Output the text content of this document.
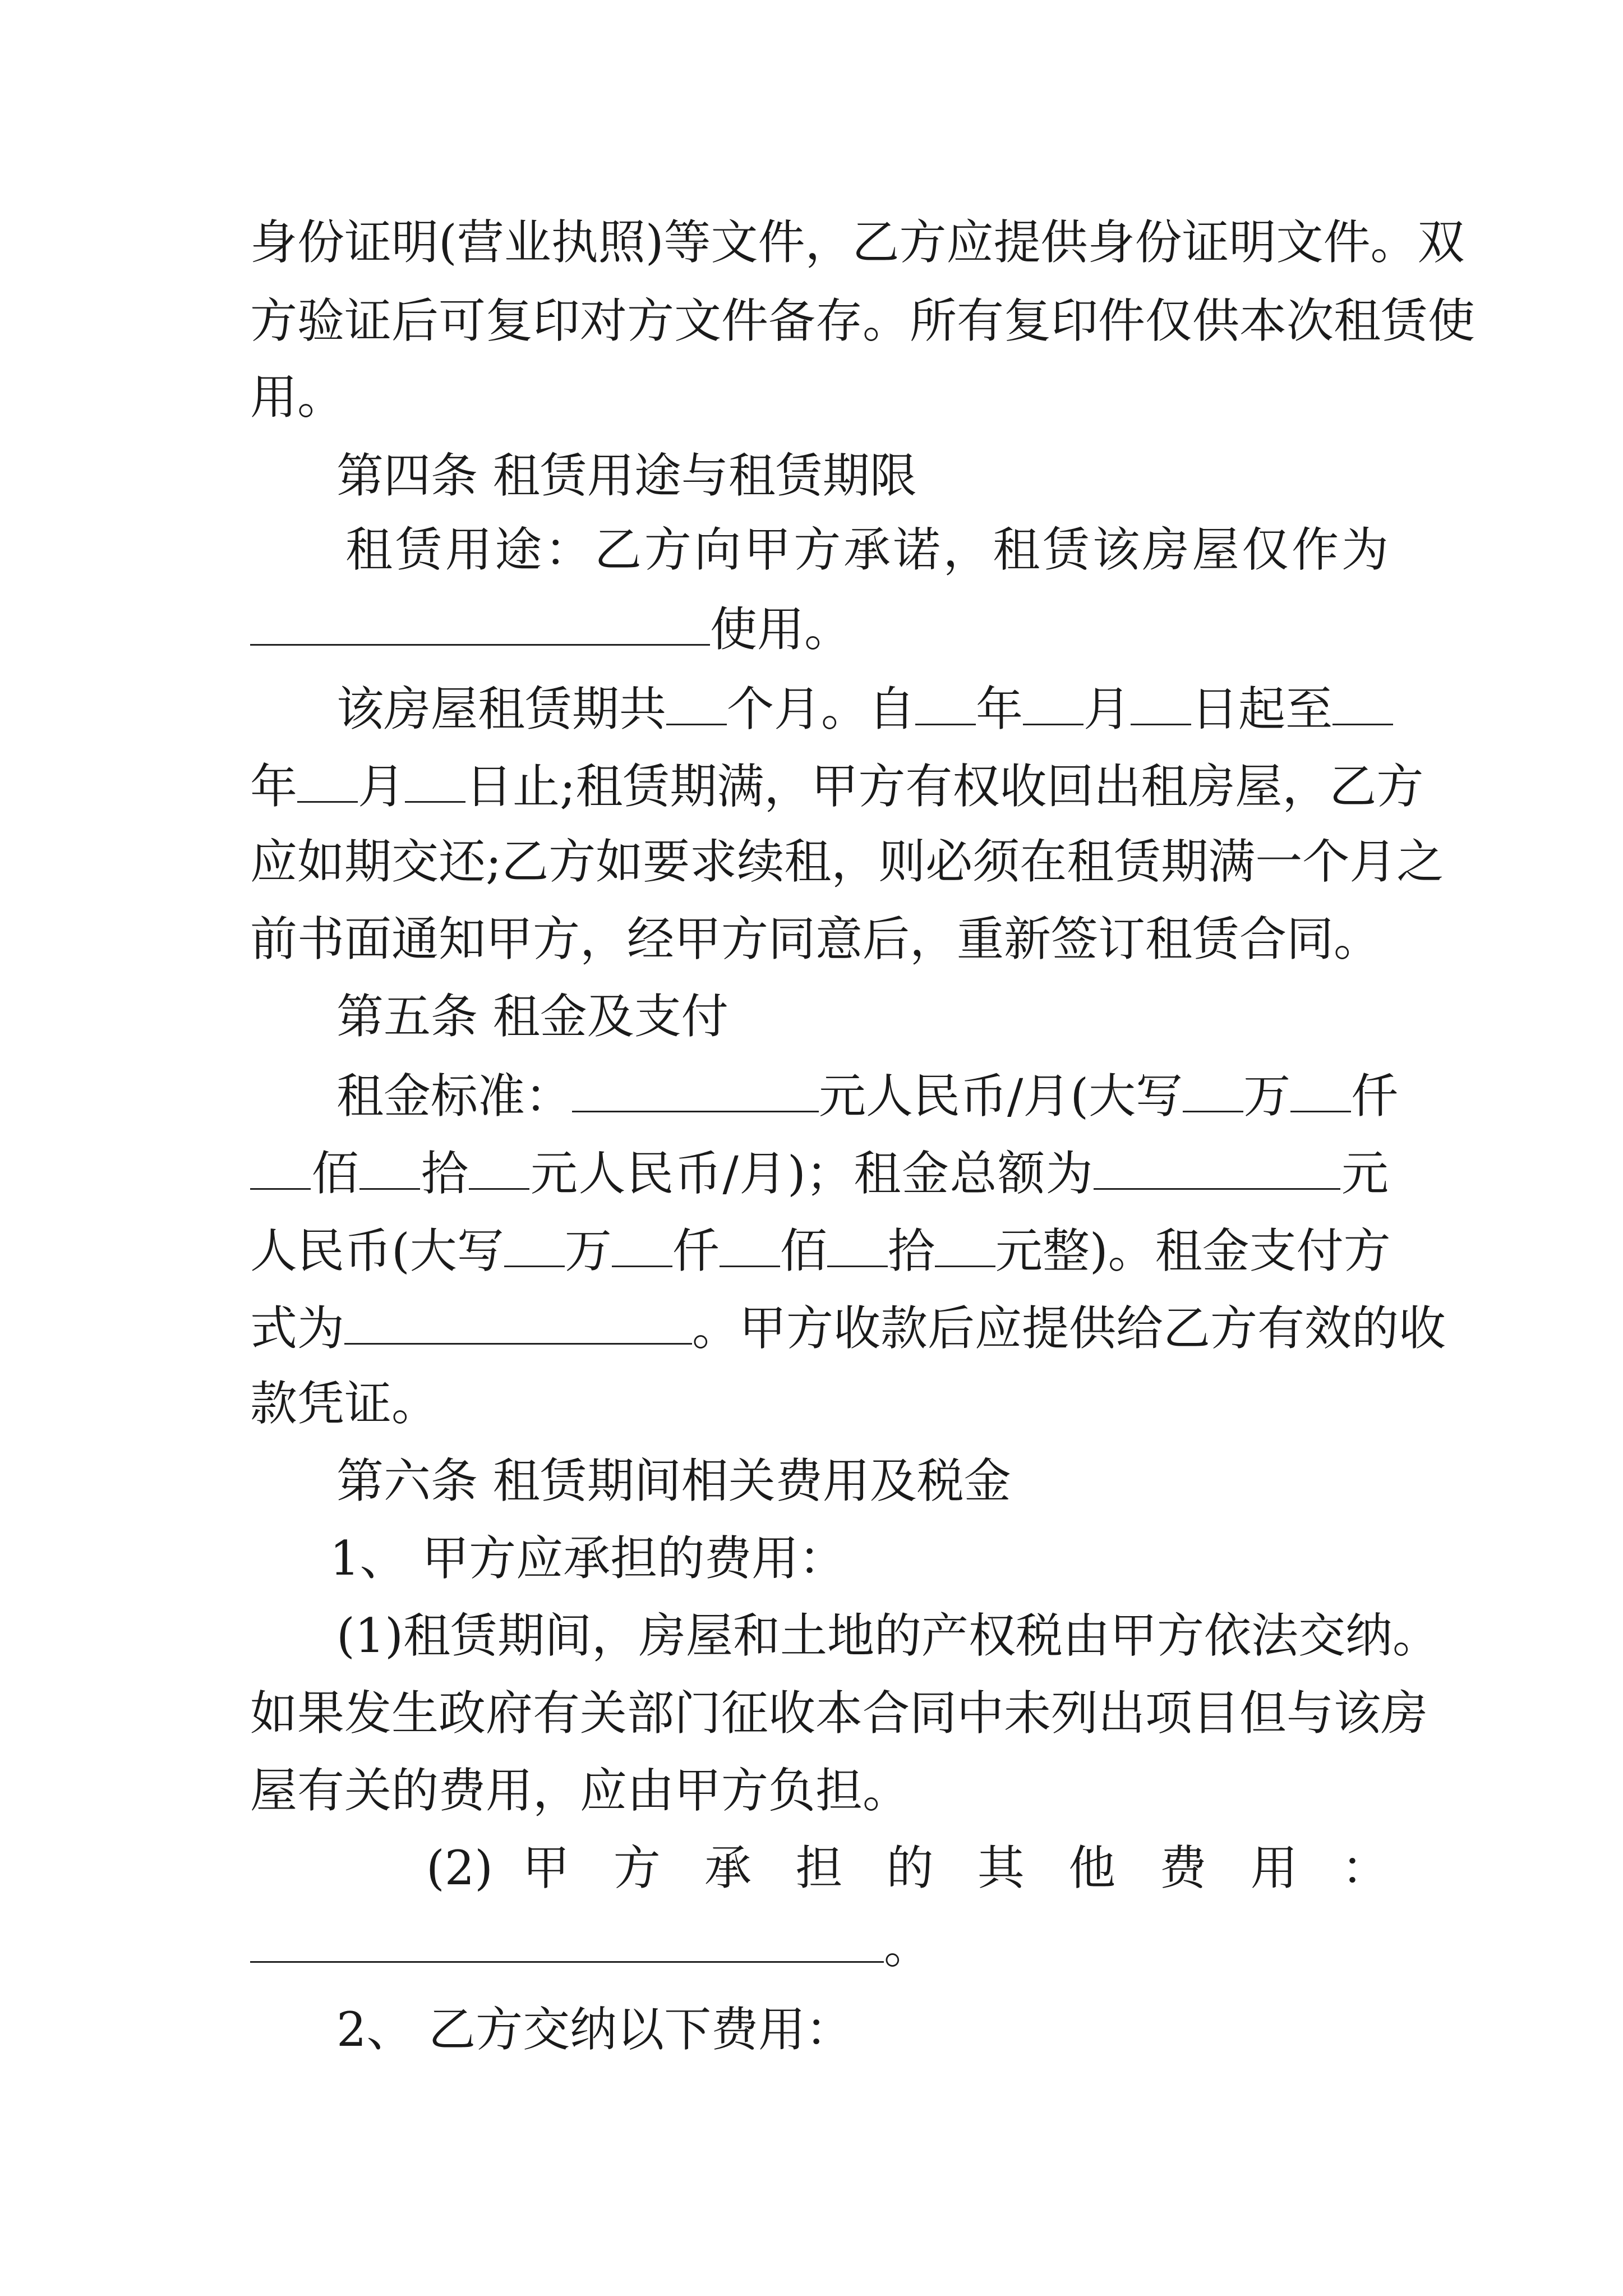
身份证明(营业执照)等文件，乙方应提供身份证明文件。双
方验证后可复印对方文件备存。所有复印件仅供本次租赁使
用。
第四条 租赁用途与租赁期限
租赁用途：乙方向甲方承诺，租赁该房屋仅作为
使用。
该房屋租赁期共 个月。自 年 月 日起至
年 月 日止;租赁期满，甲方有权收回出租房屋，乙方
应如期交还;乙方如要求续租，则必须在租赁期满一个月之
前书面通知甲方，经甲方同意后，重新签订租赁合同。
第五条 租金及支付
租金标准：	元人民币/月(大写 万 仟
佰 拾 元人民币/月)；租金总额为	元
人民币(大写 万 仟 佰 拾 元整)。租金支付方
式为	。甲方收款后应提供给乙方有效的收
款凭证。
第六条 租赁期间相关费用及税金
1、 甲方应承担的费用：
(1)租赁期间，房屋和土地的产权税由甲方依法交纳。
如果发生政府有关部门征收本合同中未列出项目但与该房
屋有关的费用，应由甲方负担。
(2) 甲 方 承 担 的 其 他 费 用 ：
。
2、 乙方交纳以下费用：
